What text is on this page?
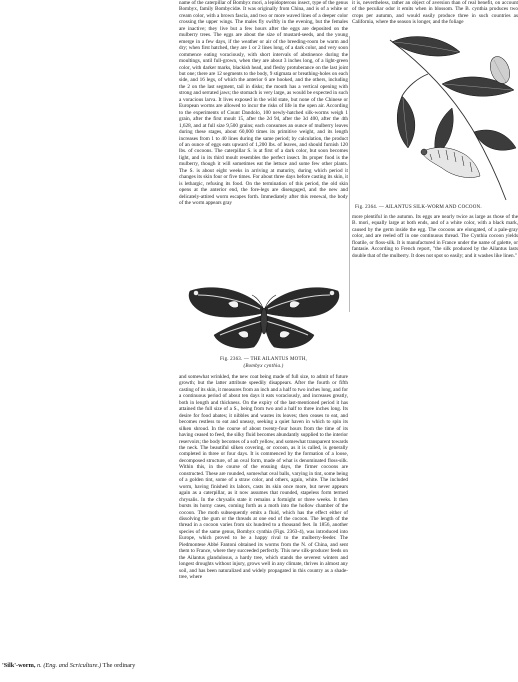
name of the caterpillar of Bombyx mori, a lepidopterous insect, type of the genus Bombyx, family Bombycidæ. It was originally from China, and is of a white or cream color, with a brown fascia, and two or more waved lines of a deeper color crossing the upper wings. The males fly swiftly in the evening, but the females are inactive; they live but a few hours after the eggs are deposited on the mulberry trees. The eggs are about the size of mustard-seeds, and the young emerge in a few days, if the weather or air of the breeding-room be warm and dry; when first hatched, they are 1 or 2 lines long, of a dark color, and very soon commence eating voraciously, with short intervals of abstinence during the moultings, until full-grown, when they are about 3 inches long, of a light-green color, with darker marks, blackish head, and fleshy protuberance on the last joint but one; there are 12 segments to the body, 9 stigmata or breathing-holes on each side, and 16 legs, of which the anterior 6 are hooked, and the others, including the 2 on the last segment, tail in disks; the mouth has a vertical opening with strong and serrated jaws; the stomach is very large, as would be expected in such a voracious larva. It lives exposed in the wild state, but none of the Chinese or European worms are allowed to incur the risks of life in the open air. According to the experiments of Count Dandolo, 100 newly-hatched silk-worms weigh 1 grain, after the first moult 15, after the 2d 94, after the 3d 400, after the 4th 1,628, and at full size 9,500 grains; each consumes an ounce of mulberry leaves during these stages, about 60,000 times its primitive weight, and its length increases from 1 to 40 lines during the same period; by calculation, the product of an ounce of eggs eats upward of 1,200 lbs. of leaves, and should furnish 120 lbs. of cocoons. The caterpillar S. is at first of a dark color, but soon becomes light, and in its third moult resembles the perfect insect. Its proper food is the mulberry, though it will sometimes eat the lettuce and some few other plants. The S. is about eight weeks in arriving at maturity, during which period it changes its skin four or five times. For about three days before casting its skin, it is lethargic, refusing its food. On the termination of this period, the old skin opens at the anterior end, the fore-legs are disengaged, and the new and delicately-attired worm escapes forth. Immediately after this renewal, the body of the worm appears gray

Fig. 2363. — THE AILANTUS MOTH,
(Bombyx cynthia.)

and somewhat wrinkled, the new coat being made of full size, to admit of future growth; but the latter attribute speedily disappears. After the fourth or fifth casting of its skin, it measures from an inch and a half to two inches long, and for a continuous period of about ten days it eats voraciously, and increases greatly, both in length and thickness. On the expiry of the last-mentioned period it has attained the full size of a S., being from two and a half to three inches long. Its desire for food abates; it nibbles and wastes its leaves; then ceases to eat, and becomes restless to eat and uneasy, seeking a quiet haven in which to spin its silken shroud. In the course of about twenty-four hours from the time of its having ceased to feed, the silky fluid becomes abundantly supplied to the interior reservoirs; the body becomes of a soft yellow, and somewhat transparent towards the neck. The beautiful silken covering, or cocoon, as it is called, is generally completed in three or four days. It is commenced by the formation of a loose, decomposed structure, of an oval form, made of what is denominated floss-silk. Within this, in the course of the ensuing days, the firmer cocoons are constructed. These are rounded, somewhat oval balls, varying in tint, some being of a golden tint, some of a straw color, and others, again, white. The included worm, having finished its labors, casts its skin once more, but never appears again as a caterpillar, as it now assumes that rounded, stapeless form termed chrysalis. In the chrysalis state it remains a fortnight or three weeks. It then bursts its horny cases, coming forth as a moth into the hollow chamber of the cocoon. The moth subsequently emits a fluid, which has the effect either of dissolving the gum or the threads at one end of the cocoon. The length of the thread in a cocoon varies from six hundred to a thousand feet. In 1856, another species of the same genus, Bombyx cynthia (Figs. 2363-4), was introduced into Europe, which proved to be a happy rival to the mulberry-feeder. The Piedmontese Abbé Fantoni obtained its worms from the N. of China, and sent them to France, where they succeeded perfectly. This new silk-producer feeds on the Ailantus glandulosus, a hardy tree, which stands the severest winters and longest droughts without injury, grows well in any climate, thrives in almost any soil, and has been naturalized and widely propagated in this country as a shade-tree, where

it is, nevertheless, rather an object of aversion than of real benefit, on account of the peculiar odor it emits when in blossom. The B. cynthia produces two crops per autumn, and would easily produce three in such countries as California, where the season is longer, and the foliage

Fig. 2364. — AILANTUS SILK-WORM AND COCOON.

more plentiful in the autumn. Its eggs are nearly twice as large as those of the B. mori, equally large at both ends, and of a white color, with a black mark, caused by the germ inside the egg. The cocoons are elongated, of a pale-gray color, and are reeled off in one continuous thread. The Cynthia cocoon yields floatile, or floss-silk. It is manufactured in France under the name of galette, or fantasie. According to French report, "the silk produced by the Ailantus lasts double that of the mulberry. It does not spot so easily; and it washes like linen."

'Silk'-worm, n. (Eng. and Scriculture.) The ordinary
